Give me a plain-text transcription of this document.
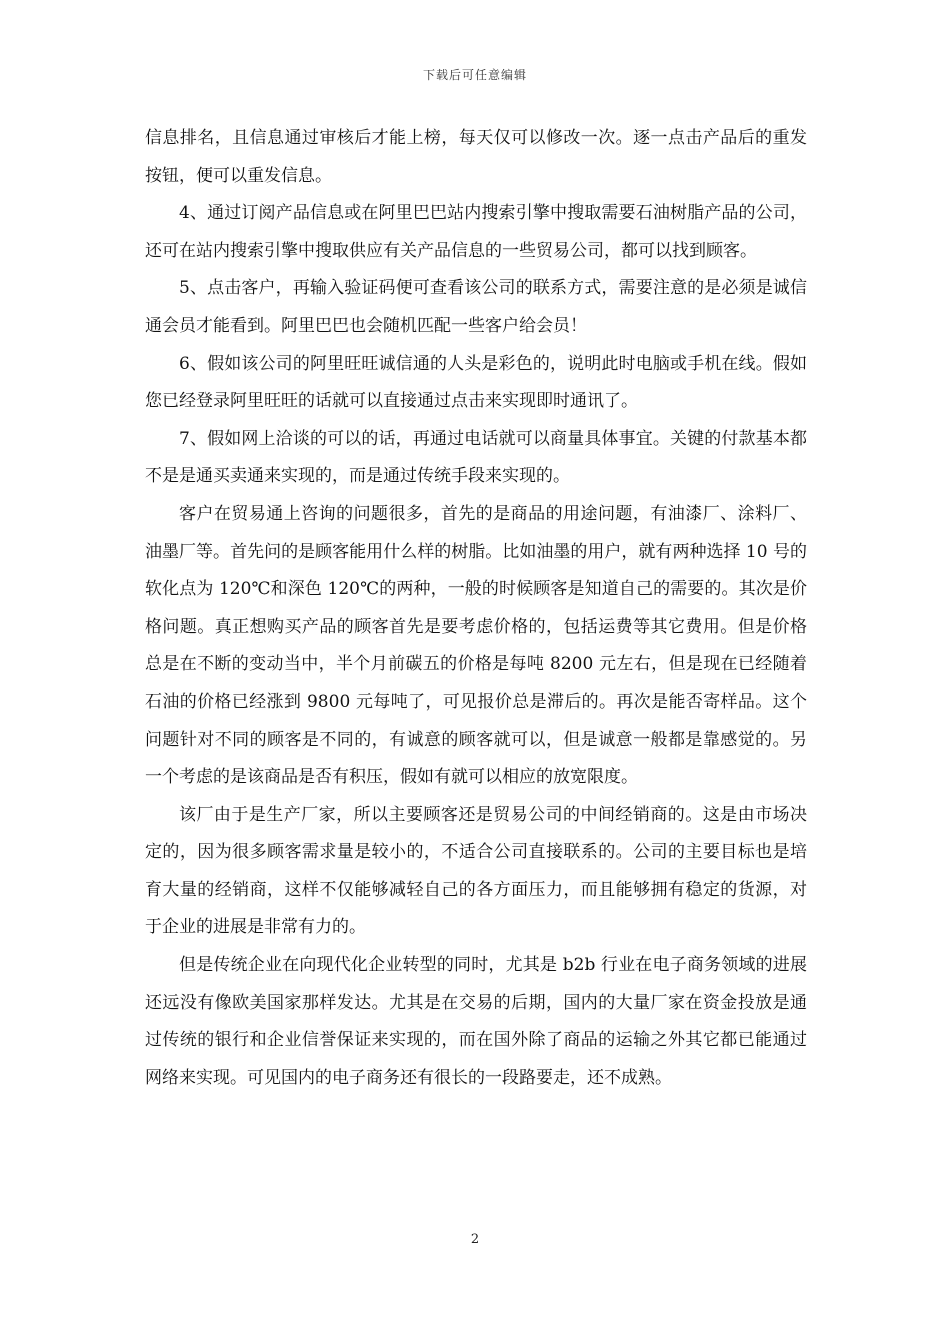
下载后可任意编辑

信息排名，且信息通过审核后才能上榜，每天仅可以修改一次。逐一点击产品后的重发按钮，便可以重发信息。

4、通过订阅产品信息或在阿里巴巴站内搜索引擎中搜取需要石油树脂产品的公司，还可在站内搜索引擎中搜取供应有关产品信息的一些贸易公司，都可以找到顾客。

5、点击客户，再输入验证码便可查看该公司的联系方式，需要注意的是必须是诚信通会员才能看到。阿里巴巴也会随机匹配一些客户给会员！

6、假如该公司的阿里旺旺诚信通的人头是彩色的，说明此时电脑或手机在线。假如您已经登录阿里旺旺的话就可以直接通过点击来实现即时通讯了。

7、假如网上洽谈的可以的话，再通过电话就可以商量具体事宜。关键的付款基本都不是是通买卖通来实现的，而是通过传统手段来实现的。

客户在贸易通上咨询的问题很多，首先的是商品的用途问题，有油漆厂、涂料厂、油墨厂等。首先问的是顾客能用什么样的树脂。比如油墨的用户，就有两种选择 10 号的软化点为 120℃和深色 120℃的两种，一般的时候顾客是知道自己的需要的。其次是价格问题。真正想购买产品的顾客首先是要考虑价格的，包括运费等其它费用。但是价格总是在不断的变动当中，半个月前碳五的价格是每吨 8200 元左右，但是现在已经随着石油的价格已经涨到 9800 元每吨了，可见报价总是滞后的。再次是能否寄样品。这个问题针对不同的顾客是不同的，有诚意的顾客就可以，但是诚意一般都是靠感觉的。另一个考虑的是该商品是否有积压，假如有就可以相应的放宽限度。

该厂由于是生产厂家，所以主要顾客还是贸易公司的中间经销商的。这是由市场决定的，因为很多顾客需求量是较小的，不适合公司直接联系的。公司的主要目标也是培育大量的经销商，这样不仅能够减轻自己的各方面压力，而且能够拥有稳定的货源，对于企业的进展是非常有力的。

但是传统企业在向现代化企业转型的同时，尤其是 b2b 行业在电子商务领域的进展还远没有像欧美国家那样发达。尤其是在交易的后期，国内的大量厂家在资金投放是通过传统的银行和企业信誉保证来实现的，而在国外除了商品的运输之外其它都已能通过网络来实现。可见国内的电子商务还有很长的一段路要走，还不成熟。

2
